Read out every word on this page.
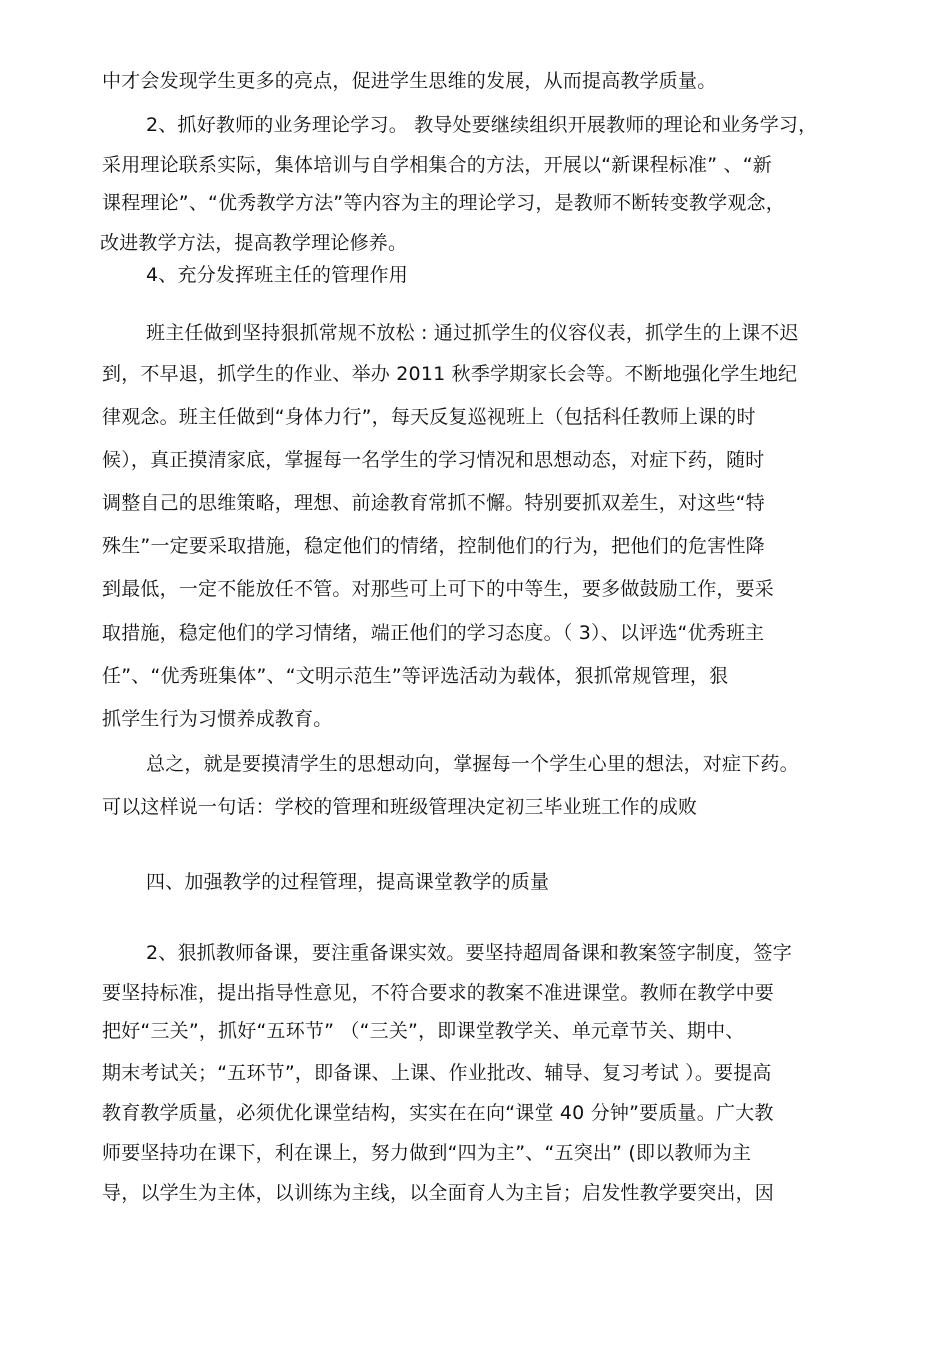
中才会发现学生更多的亮点，促进学生思维的发展，从而提高教学质量。
2、抓好教师的业务理论学习。 教导处要继续组织开展教师的理论和业务学习，
采用理论联系实际，集体培训与自学相集合的方法，开展以“新课程标准” 、“新
课程理论”、“优秀教学方法”等内容为主的理论学习，是教师不断转变教学观念，
改进教学方法，提高教学理论修养。
4、充分发挥班主任的管理作用
班主任做到坚持狠抓常规不放松 : 通过抓学生的仪容仪表，抓学生的上课不迟
到，不早退，抓学生的作业、举办 2011 秋季学期家长会等。不断地强化学生地纪
律观念。班主任做到“身体力行”，每天反复巡视班上（包括科任教师上课的时
候），真正摸清家底，掌握每一名学生的学习情况和思想动态，对症下药，随时
调整自己的思维策略，理想、前途教育常抓不懈。特别要抓双差生，对这些“特
殊生”一定要采取措施，稳定他们的情绪，控制他们的行为，把他们的危害性降
到最低，一定不能放任不管。对那些可上可下的中等生，要多做鼓励工作，要采
取措施，稳定他们的学习情绪，端正他们的学习态度。（ 3）、以评选“优秀班主
任”、“优秀班集体”、“文明示范生”等评选活动为载体，狠抓常规管理，狠
抓学生行为习惯养成教育。
总之，就是要摸清学生的思想动向，掌握每一个学生心里的想法，对症下药。
可以这样说一句话：学校的管理和班级管理决定初三毕业班工作的成败
四、加强教学的过程管理，提高课堂教学的质量
2、狠抓教师备课，要注重备课实效。要坚持超周备课和教案签字制度，签字
要坚持标准，提出指导性意见，不符合要求的教案不准进课堂。教师在教学中要
把好“三关”，抓好“五环节” （“三关”，即课堂教学关、单元章节关、期中、
期末考试关；“五环节”，即备课、上课、作业批改、辅导、复习考试 ）。要提高
教育教学质量，必须优化课堂结构，实实在在向“课堂 40 分钟”要质量。广大教
师要坚持功在课下，利在课上，努力做到“四为主”、“五突出” (即以教师为主
导，以学生为主体，以训练为主线，以全面育人为主旨；启发性教学要突出，因
